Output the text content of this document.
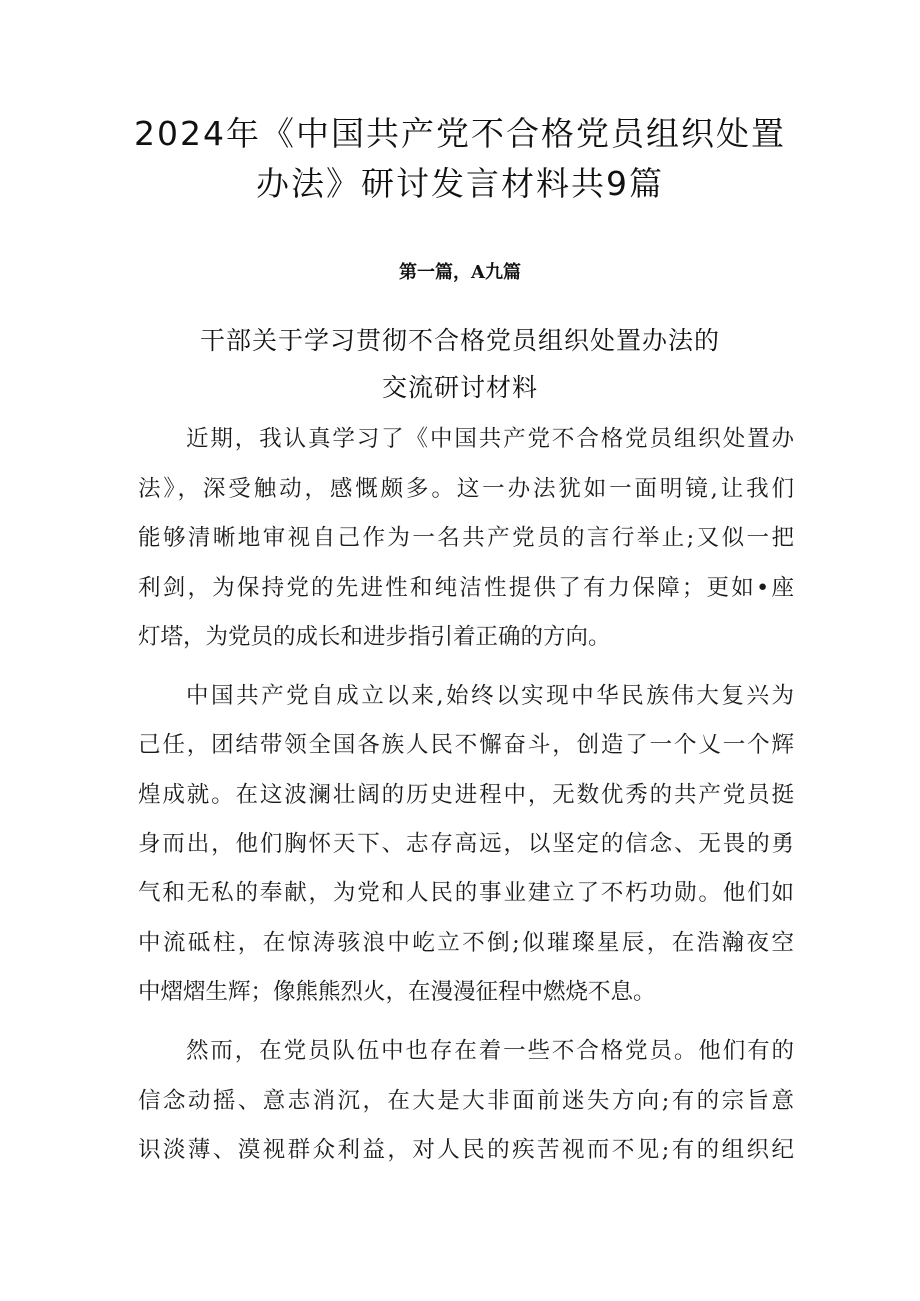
2024年《中国共产党不合格党员组织处置
办法》研讨发言材料共9篇
第一篇，A九篇
干部关于学习贯彻不合格党员组织处置办法的
交流研讨材料
近期，我认真学习了《中国共产党不合格党员组织处置办
法》，深受触动，感慨颇多。这一办法犹如一面明镜,让我们
能够清晰地审视自己作为一名共产党员的言行举止;又似一把
利剑，为保持党的先进性和纯洁性提供了有力保障；更如•座
灯塔，为党员的成长和进步指引着正确的方向。
中国共产党自成立以来,始终以实现中华民族伟大复兴为
己任，团结带领全国各族人民不懈奋斗，创造了一个乂一个辉
煌成就。在这波澜壮阔的历史进程中，无数优秀的共产党员挺
身而出，他们胸怀天下、志存高远，以坚定的信念、无畏的勇
气和无私的奉献，为党和人民的事业建立了不朽功勋。他们如
中流砥柱，在惊涛骇浪中屹立不倒;似璀璨星辰，在浩瀚夜空
中熠熠生辉；像熊熊烈火，在漫漫征程中燃烧不息。
然而，在党员队伍中也存在着一些不合格党员。他们有的
信念动摇、意志消沉，在大是大非面前迷失方向;有的宗旨意
识淡薄、漠视群众利益，对人民的疾苦视而不见;有的组织纪
